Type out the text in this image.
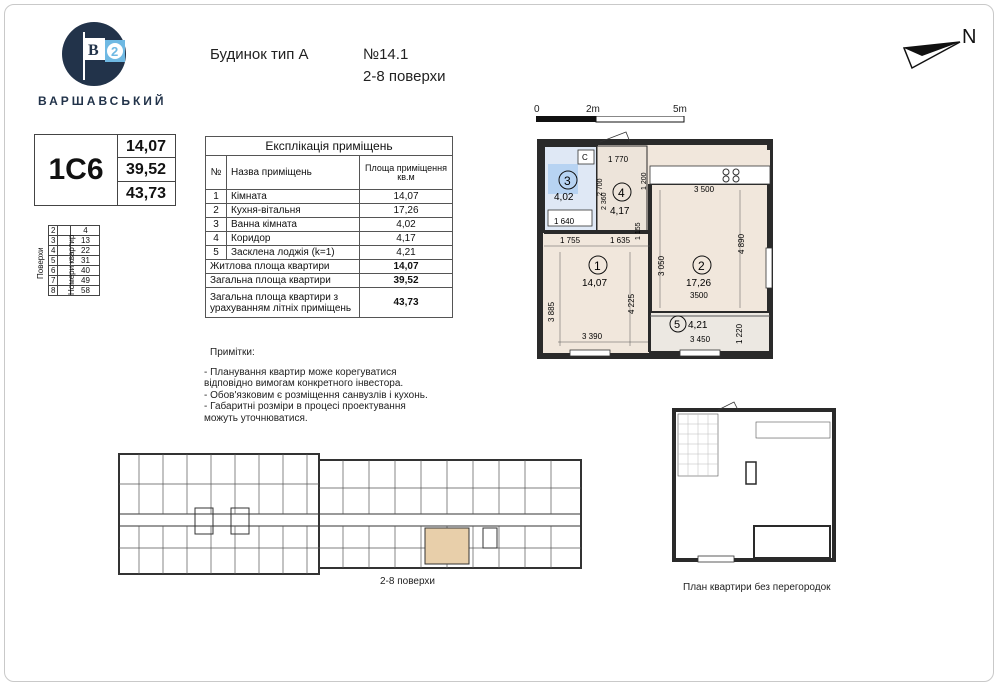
B 2
ВАРШАВСЬКИЙ
Будинок тип А	№14.1
2-8 поверхи
N
1С6
14,07
39,52
43,73
Поверхи
2		4
3		13
4		22
5		31
6		40
7		49
8		58
Номери квартир
Експлікація приміщень		
№	Назва приміщень	Площа приміщення кв.м
1	Кімната	14,07
2	Кухня-вітальня	17,26
3	Ванна кімната	4,02
4	Коридор	4,17
5	Засклена лоджія (k=1)	4,21
Житлова площа квартири		14,07
Загальна площа квартири		39,52
Загальна площа квартири з урахуванням літніх приміщень		43,73
Примітки:
- Планування квартир може корегуватися відповідно вимогам конкретного інвестора.
- Обов'язковим є розміщення санвузлів і кухонь.
- Габаритні розміри в процесі проектування можуть уточнюватися.
0	2m	5m
3
4
1	2
5
4,02
4,17
14,07	17,26
4,21
1 770
3 500
2 360
2 700
1 155
1 200
1 640
1 755	1 635
3 885	4 225
3 050
4 890
3500
1 220
3 390	3 450
С
2-8 поверхи
План квартири без перегородок
